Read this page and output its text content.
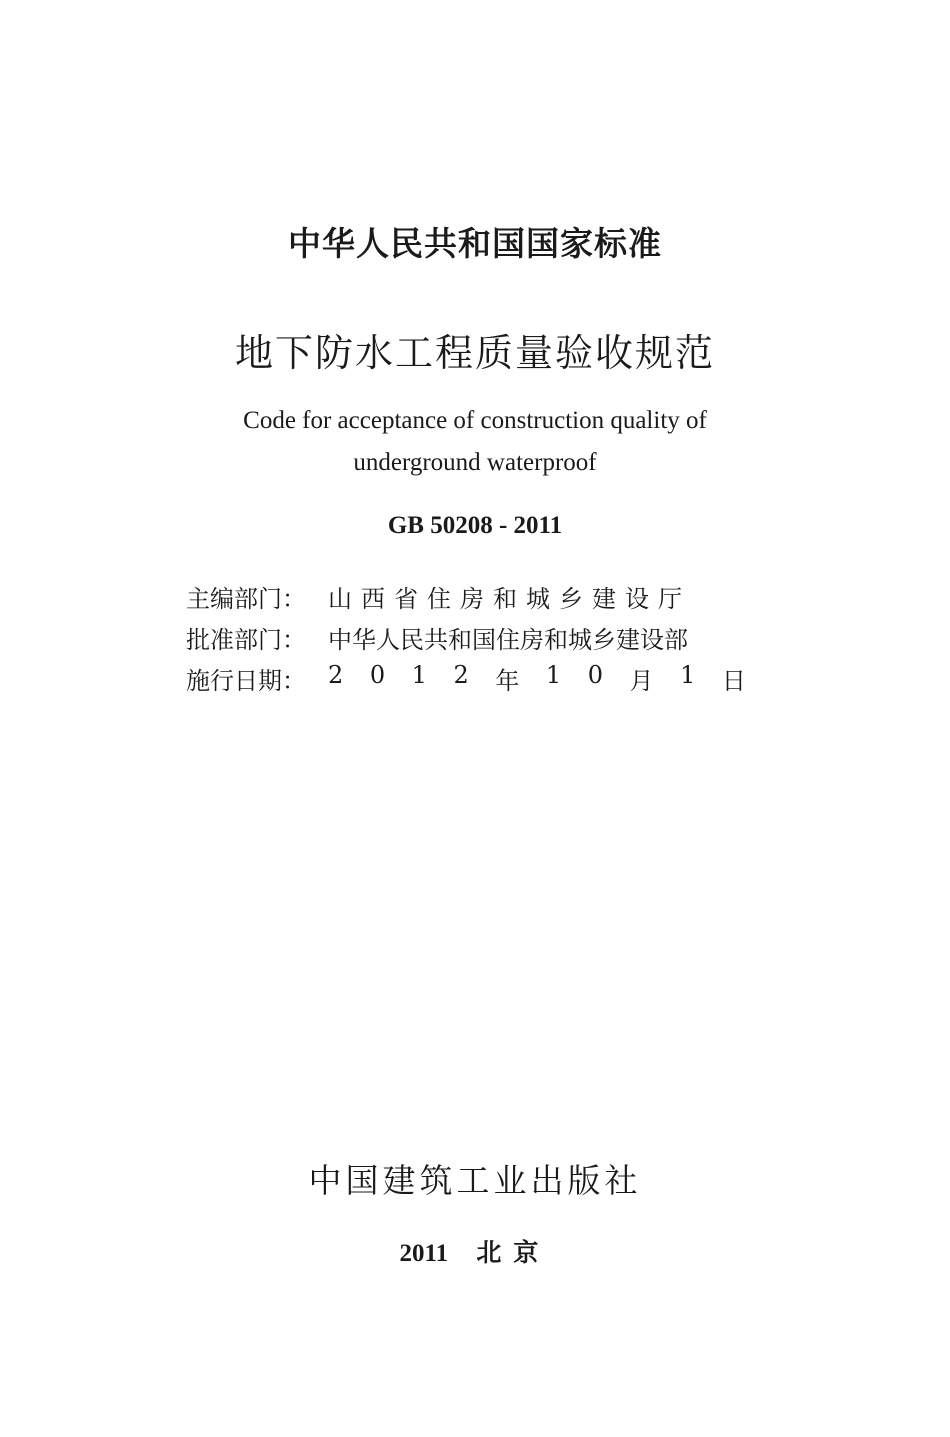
中华人民共和国国家标准
地下防水工程质量验收规范
Code for acceptance of construction quality of
underground waterproof
GB 50208 - 2011
主编部门： 山西省住房和城乡建设厅
批准部门： 中华人民共和国住房和城乡建设部
施行日期： 2 0 1 2 年 1 0 月 1 日
中国建筑工业出版社
2011 北京
